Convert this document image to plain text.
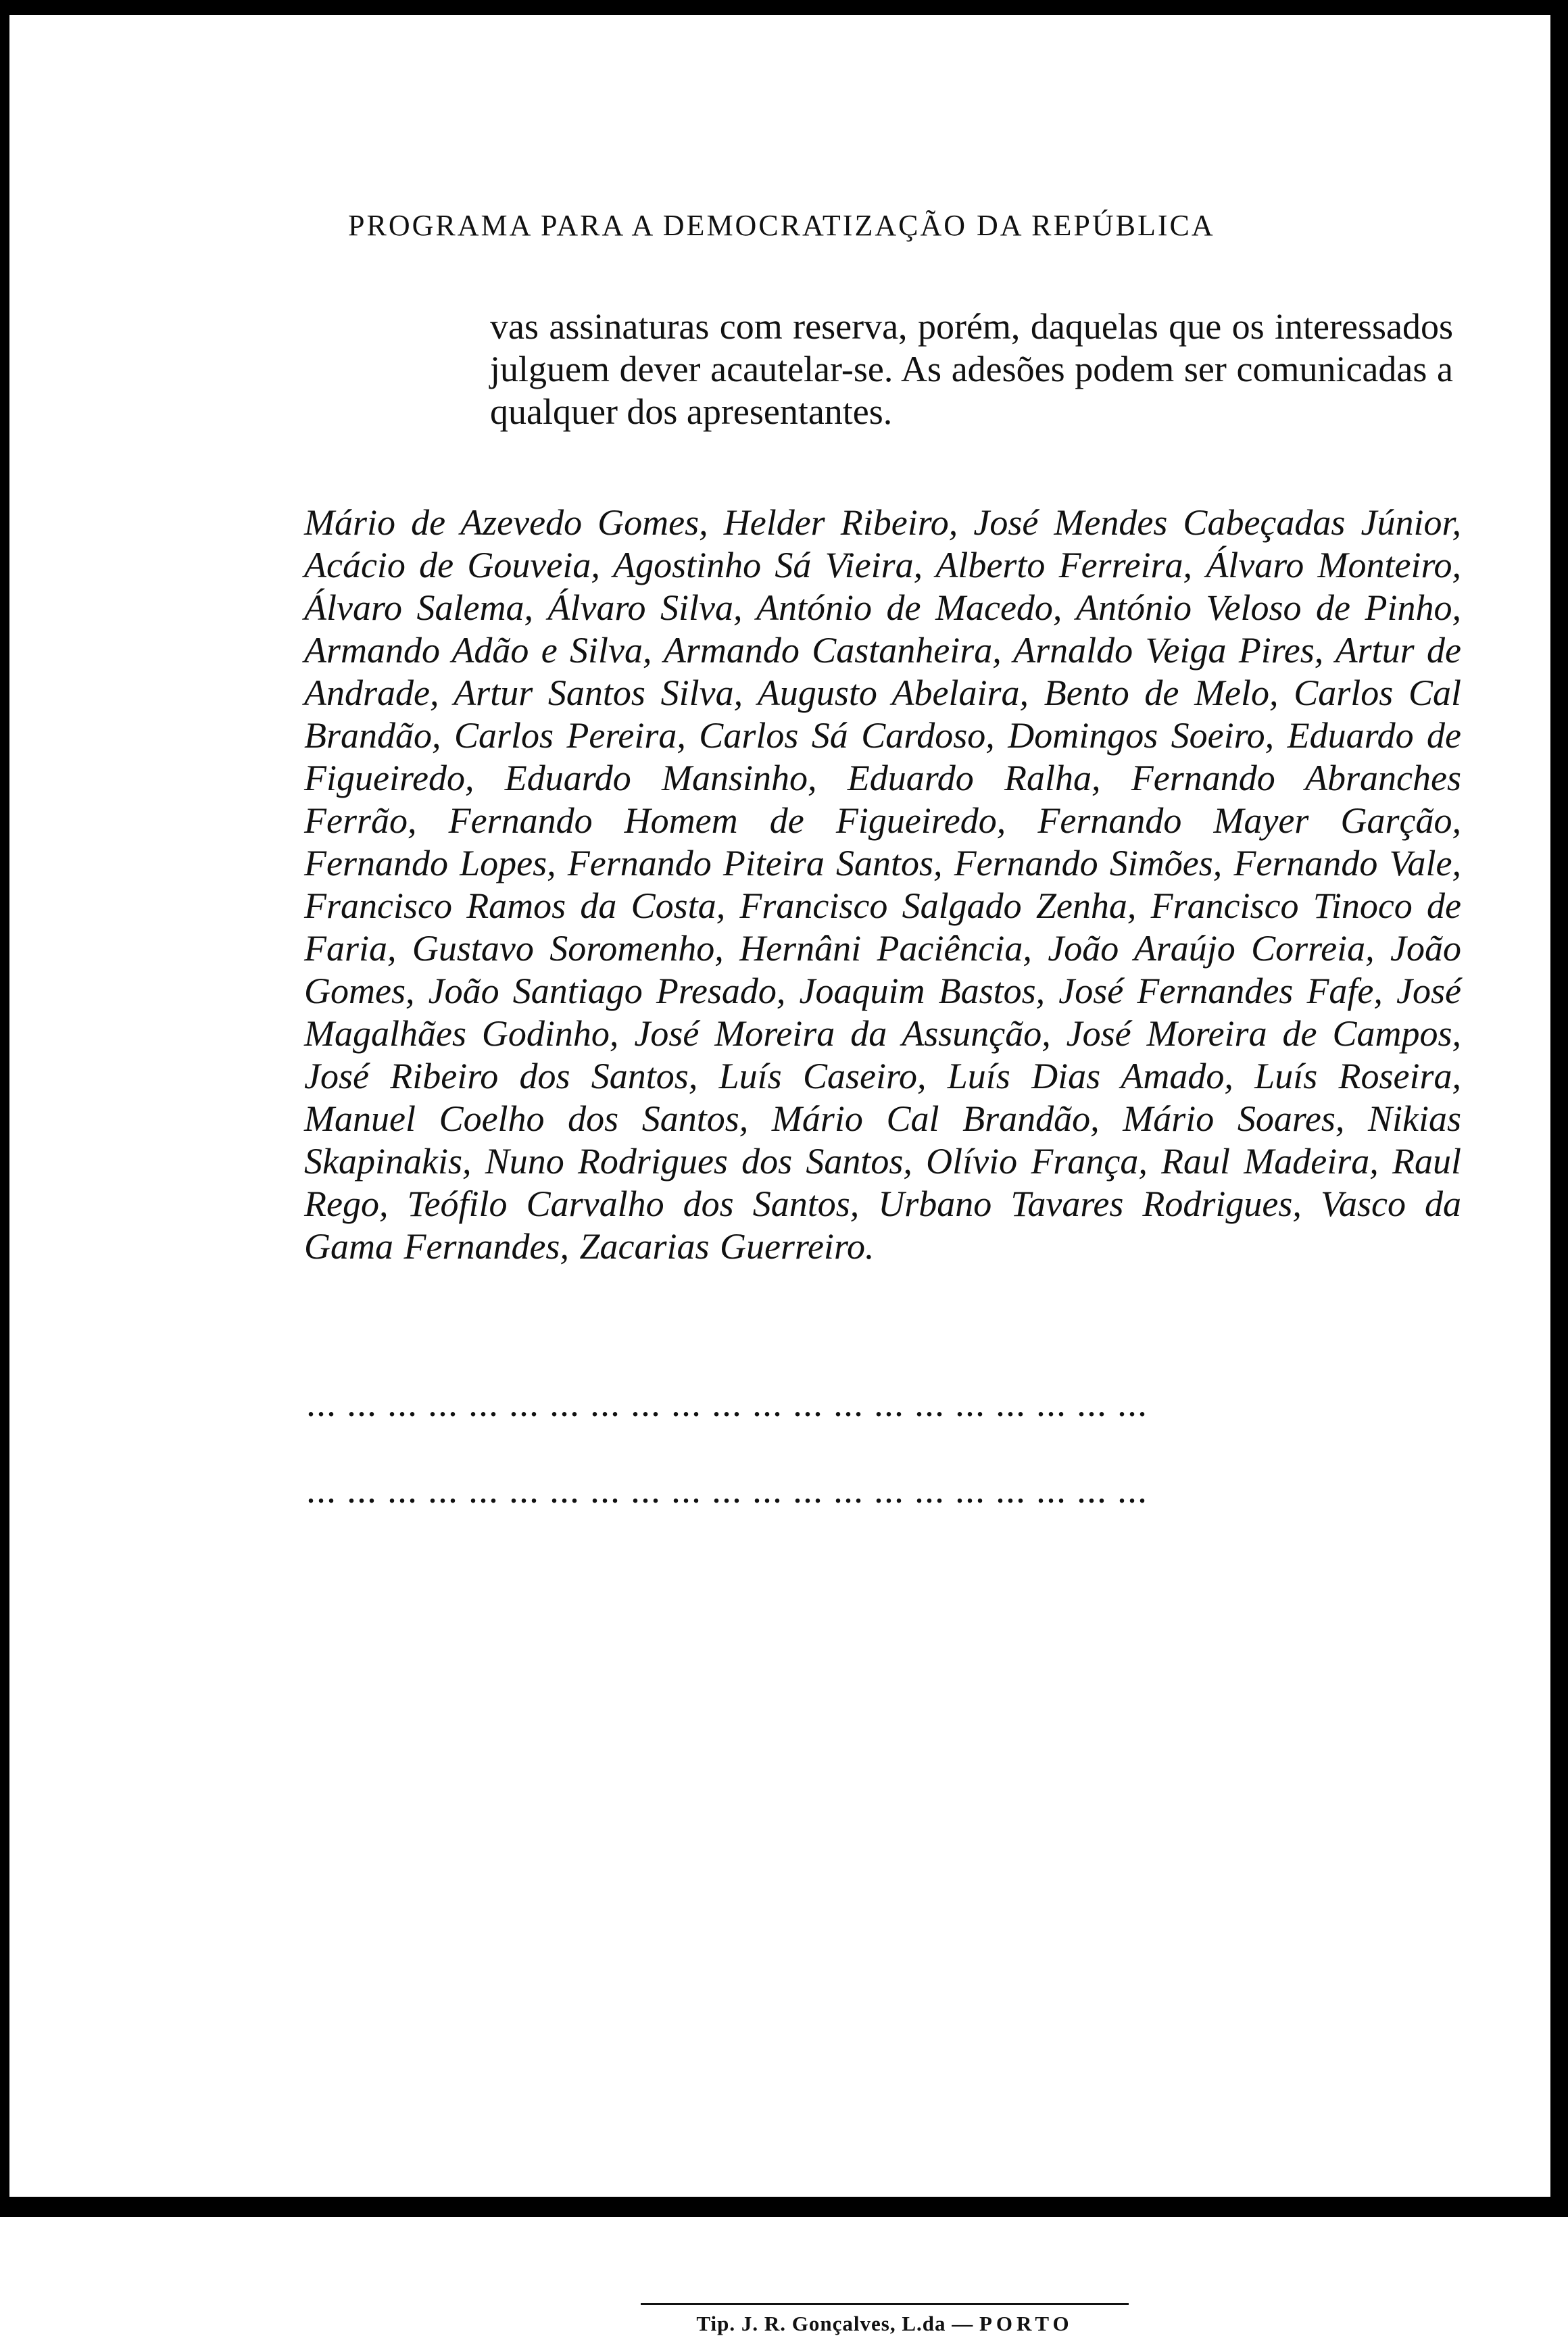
PROGRAMA PARA A DEMOCRATIZAÇÃO DA REPÚBLICA

vas assinaturas com reserva, porém, daquelas que os interessados julguem dever acautelar-se. As adesões podem ser comunicadas a qualquer dos apresentantes.

Mário de Azevedo Gomes, Helder Ribeiro, José Mendes Cabeçadas Júnior, Acácio de Gouveia, Agostinho Sá Vieira, Alberto Ferreira, Álvaro Monteiro, Álvaro Salema, Álvaro Silva, António de Macedo, António Veloso de Pinho, Armando Adão e Silva, Armando Castanheira, Arnaldo Veiga Pires, Artur de Andrade, Artur Santos Silva, Augusto Abelaira, Bento de Melo, Carlos Cal Brandão, Carlos Pereira, Carlos Sá Cardoso, Domingos Soeiro, Eduardo de Figueiredo, Eduardo Mansinho, Eduardo Ralha, Fernando Abranches Ferrão, Fernando Homem de Figueiredo, Fernando Mayer Garção, Fernando Lopes, Fernando Piteira Santos, Fernando Simões, Fernando Vale, Francisco Ramos da Costa, Francisco Salgado Zenha, Francisco Tinoco de Faria, Gustavo Soromenho, Hernâni Paciência, João Araújo Correia, João Gomes, João Santiago Presado, Joaquim Bastos, José Fernandes Fafe, José Magalhães Godinho, José Moreira da Assunção, José Moreira de Campos, José Ribeiro dos Santos, Luís Caseiro, Luís Dias Amado, Luís Roseira, Manuel Coelho dos Santos, Mário Cal Brandão, Mário Soares, Nikias Skapinakis, Nuno Rodrigues dos Santos, Olívio França, Raul Madeira, Raul Rego, Teófilo Carvalho dos Santos, Urbano Tavares Rodrigues, Vasco da Gama Fernandes, Zacarias Guerreiro.

... ... ... ... ... ... ... ... ... ... ... ... ... ... ... ... ... ... ... ... ...
... ... ... ... ... ... ... ... ... ... ... ... ... ... ... ... ... ... ... ... ...
Tip. J. R. Gonçalves, L.da — PORTO
